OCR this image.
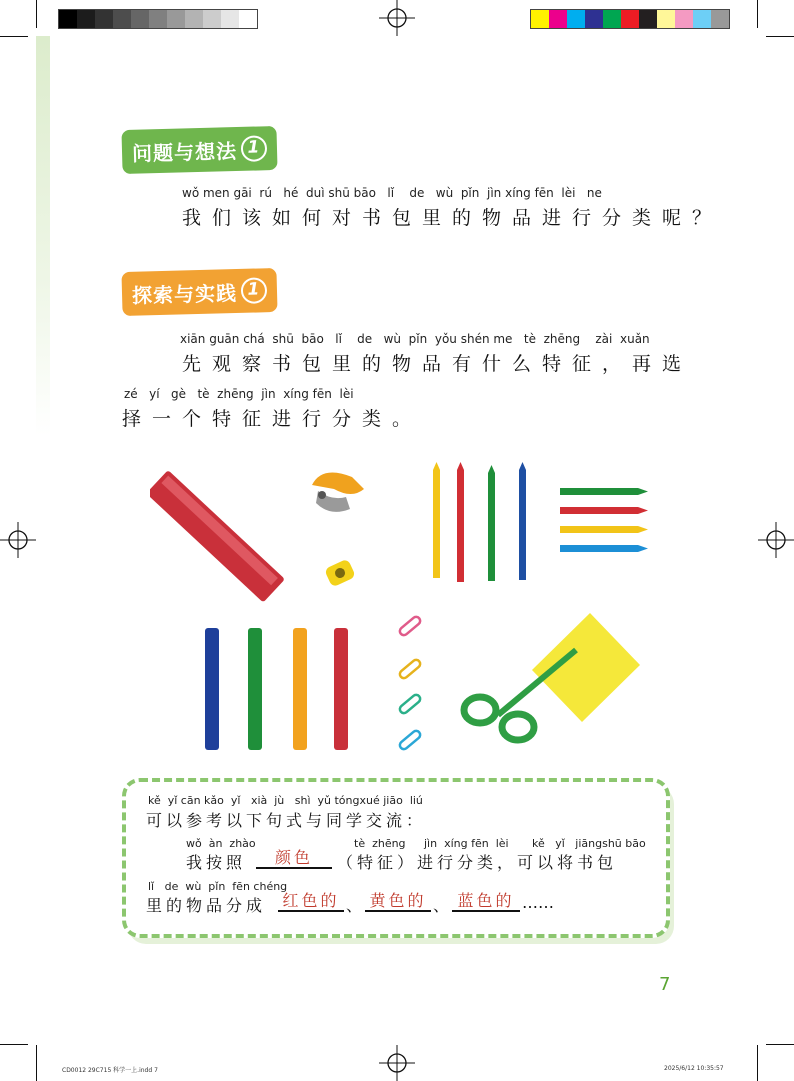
问题与想法 1
wǒ men gāi  rú   hé  duì shū bāo   lǐ    de   wù  pǐn  jìn xíng fēn  lèi   ne
我们该如何对书包里的物品进行分类呢？
探索与实践 1
xiān guān chá  shū  bāo   lǐ    de   wù  pǐn  yǒu shén me   tè  zhēng    zài  xuǎn
先观察书包里的物品有什么特征，再选
zé   yí   gè   tè  zhēng  jìn  xíng fēn  lèi
择一个特征进行分类。
kě  yǐ cān kǎo  yǐ   xià  jù   shì  yǔ tóngxué jiāo  liú
可以参考以下句式与同学交流：
wǒ  àn  zhào
我按照	颜色
tè  zhēng jìn  xíng fēn  lèi kě   yǐ   jiāngshū bāo
（特征）进行分类，可以将书包
lǐ   de  wù  pǐn  fēn chéng
里的物品分成 红色的 、 黄色的 、 蓝色的 ……
7
CD0012 29C715 科学一上.indd 7	2025/6/12 10:35:57
